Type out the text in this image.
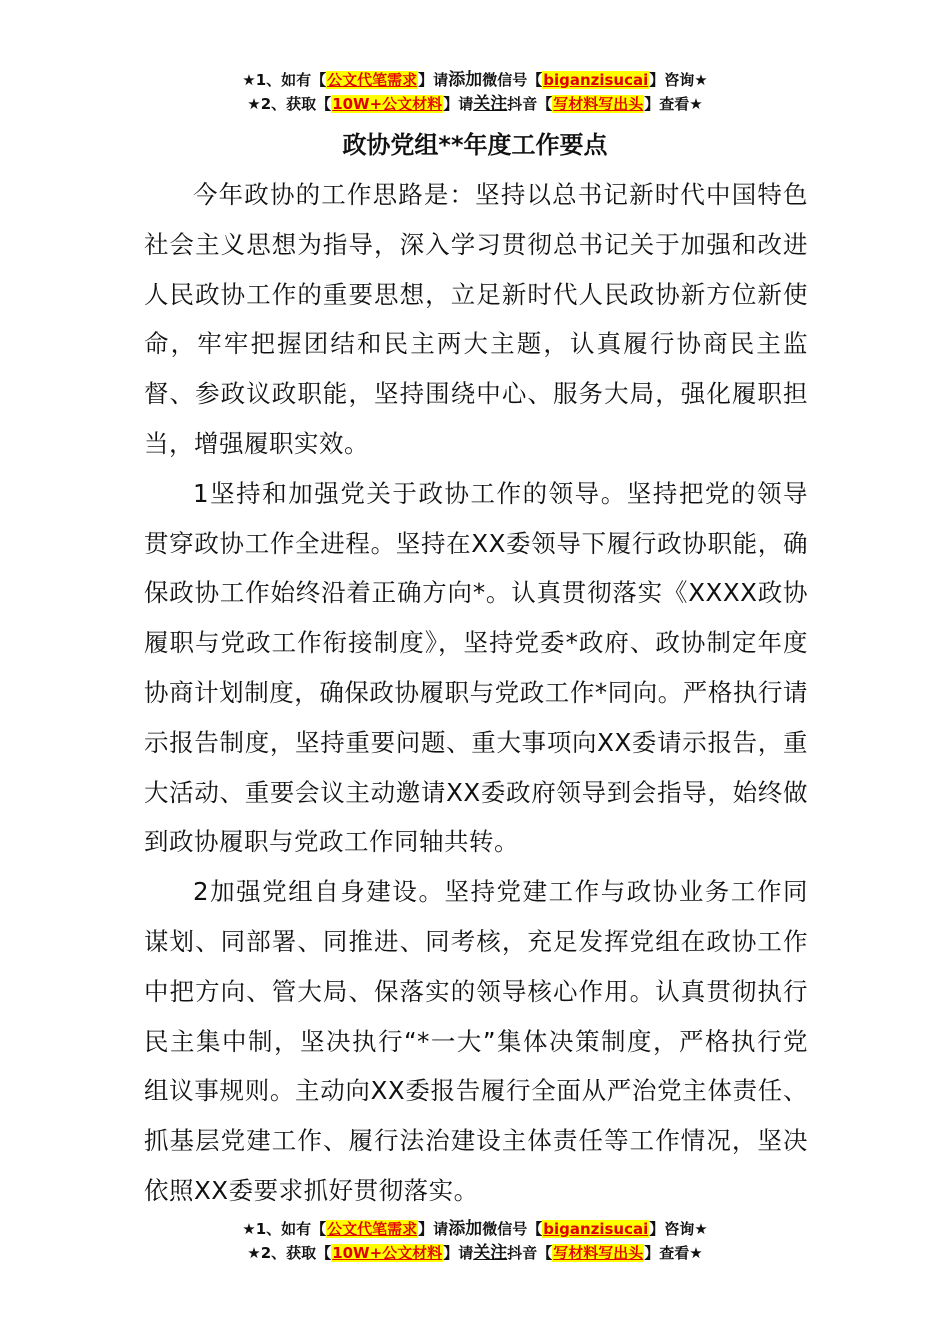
★1、如有【公文代笔需求】请添加微信号【biganzisucai】咨询★
★2、获取【10W+公文材料】请关注抖音【写材料写出头】查看★
政协党组**年度工作要点

今年政协的工作思路是：坚持以总书记新时代中国特色社会主义思想为指导，深入学习贯彻总书记关于加强和改进人民政协工作的重要思想，立足新时代人民政协新方位新使命，牢牢把握团结和民主两大主题，认真履行协商民主监督、参政议政职能，坚持围绕中心、服务大局，强化履职担当，增强履职实效。

1坚持和加强党关于政协工作的领导。坚持把党的领导贯穿政协工作全进程。坚持在XX委领导下履行政协职能，确保政协工作始终沿着正确方向*。认真贯彻落实《XXXX政协履职与党政工作衔接制度》，坚持党委*政府、政协制定年度协商计划制度，确保政协履职与党政工作*同向。严格执行请示报告制度，坚持重要问题、重大事项向XX委请示报告，重大活动、重要会议主动邀请XX委政府领导到会指导，始终做到政协履职与党政工作同轴共转。

2加强党组自身建设。坚持党建工作与政协业务工作同谋划、同部署、同推进、同考核，充足发挥党组在政协工作中把方向、管大局、保落实的领导核心作用。认真贯彻执行民主集中制，坚决执行“*一大”集体决策制度，严格执行党组议事规则。主动向XX委报告履行全面从严治党主体责任、抓基层党建工作、履行法治建设主体责任等工作情况，坚决依照XX委要求抓好贯彻落实。

★1、如有【公文代笔需求】请添加微信号【biganzisucai】咨询★
★2、获取【10W+公文材料】请关注抖音【写材料写出头】查看★
